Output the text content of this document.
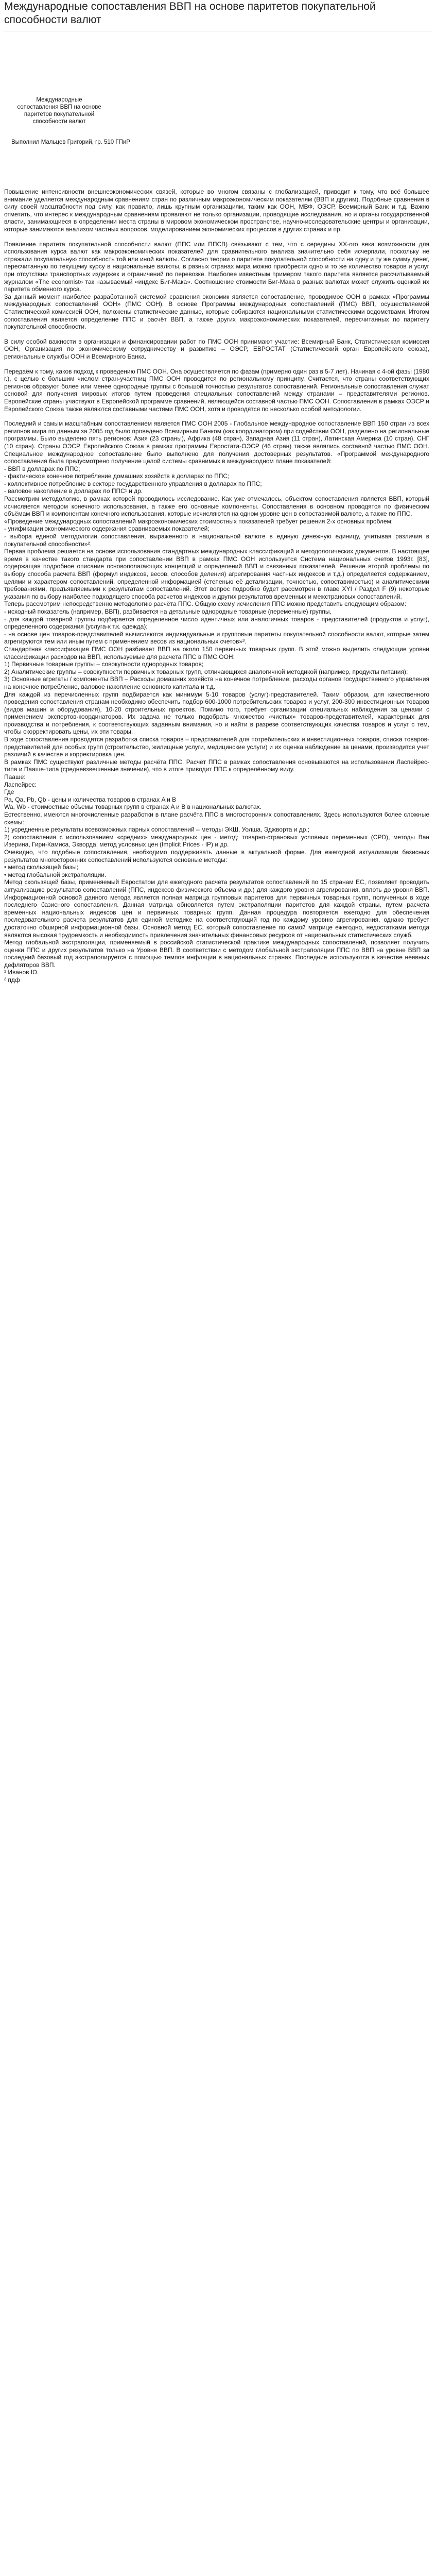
Международные сопоставления ВВП на основе паритетов покупательной способности валют

Международные сопоставления ВВП на основе паритетов покупательной способности валют

Выполнил Мальцев Григорий, гр. 510 ГПиР

Повышение интенсивности внешнеэкономических связей, которые во многом связаны с глобализацией, приводит к тому, что всё большее внимание уделяется международным сравнениям стран по различным макроэкономическим показателям (ВВП и другим). Подобные сравнения в силу своей масштабности под силу, как правило, лишь крупным организациям, таким как ООН, МВФ, ОЭСР, Всемирный Банк и т.д. Важно отметить, что интерес к международным сравнениям проявляют не только организации, проводящие исследования, но и органы государственной власти, занимающиеся в определении места страны в мировом экономическом пространстве, научно-исследовательские центры и организации, которые занимаются анализом частных вопросов, моделированием экономических процессов в других странах и пр.

Появление паритета покупательной способности валют (ППС или ППСВ) связывают с тем, что с середины XX-ого века возможности для использования курса валют как макроэкономических показателей для сравнительного анализа значительно себя исчерпали, поскольку не отражали покупательную способность той или иной валюты. Согласно теории о паритете покупательной способности на одну и ту же сумму денег, пересчитанную по текущему курсу в национальные валюты, в разных странах мира можно приобрести одно и то же количество товаров и услуг при отсутствии транспортных издержек и ограничений по перевозке. Наиболее известным примером такого паритета является рассчитываемый журналом «The economist» так называемый «индекс Биг-Мака». Соотношение стоимости Биг-Мака в разных валютах может служить оценкой их паритета обменного курса.

За данный момент наиболее разработанной системой сравнения экономик является сопоставление, проводимое ООН в рамках «Программы международных сопоставлений ООН» (ПМС ООН). В основе Программы международных сопоставлений (ПМС) ВВП, осуществляемой Статистической комиссией ООН, положены статистические данные, которые собираются национальными статистическими ведомствами. Итогом сопоставления является определение ППС и расчёт ВВП, а также других макроэкономических показателей, пересчитанных по паритету покупательной способности.

В силу особой важности в организации и финансировании работ по ПМС ООН принимают участие: Всемирный Банк, Статистическая комиссия ООН, Организация по экономическому сотрудничеству и развитию – ОЭСР, ЕВРОСТАТ (Статистический орган Европейского союза), региональные службы ООН и Всемирного Банка.

Передаём к тому, каков подход к проведению ПМС ООН. Она осуществляется по фазам (примерно один раз в 5-7 лет). Начиная с 4-ой фазы (1980 г.), с целью с большим числом стран-участниц ПМС ООН проводится по региональному принципу. Считается, что страны соответствующих регионов образуют более или менее однородные группы с большой точностью результатов сопоставлений. Региональные сопоставления служат основой для получения мировых итогов путем проведения специальных сопоставлений между странами – представителями регионов. Европейские страны участвуют в Европейской программе сравнений, являющейся составной частью ПМС ООН. Сопоставления в рамках ОЭСР и Европейского Союза также являются составными частями ПМС ООН, хотя и проводятся по несколько особой методологии.

Последний и самым масштабным сопоставлением является ПМС ООН 2005 - Глобальное международное сопоставление ВВП 150 стран из всех регионов мира по данным за 2005 год было проведено Всемирным Банком (как координатором) при содействии ООН, разделено на региональные программы. Было выделено пять регионов: Азия (23 страны), Африка (48 стран), Западная Азия (11 стран), Латинская Америка (10 стран), СНГ (10 стран). Страны ОЭСР, Европейского Союза в рамках программы Евростата-ОЭСР (46 стран) также являлись составной частью ПМС ООН. Специальное международное сопоставление было выполнено для получения достоверных результатов. «Программой международного сопоставления была предусмотрено получение целой системы сравнимых в международном плане показателей:

- ВВП в долларах по ППС;

- фактическое конечное потребление домашних хозяйств в долларах по ППС;

- коллективное потребление в секторе государственного управления в долларах по ППС;

- валовое накопление в долларах по ППС¹ и др.

Рассмотрим методологию, в рамках которой проводилось исследование. Как уже отмечалось, объектом сопоставления является ВВП, который исчисляется методом конечного использования, а также его основные компоненты. Сопоставления в основном проводятся по физическим объёмам ВВП и компонентам конечного использования, которые исчисляются на одном уровне цен в сопоставимой валюте, а также по ППС.

«Проведение международных сопоставлений макроэкономических стоимостных показателей требует решения 2-х основных проблем:

- унификации экономического содержания сравниваемых показателей;

- выбора единой методологии сопоставления, выраженного в национальной валюте в единую денежную единицу, учитывая различия в покупательной способности»².

Первая проблема решается на основе использования стандартных международных классификаций и методологических документов. В настоящее время в качестве такого стандарта при сопоставлении ВВП в рамках ПМС ООН используется Система национальных счетов 1993г. [83], содержащая подробное описание основополагающих концепций и определений ВВП и связанных показателей. Решение второй проблемы по выбору способа расчета ВВП (формул индексов, весов, способов деления) агрегирования частных индексов и т.д.) определяется содержанием, целями и характером сопоставлений, определенной информацией (степенью её детализации, точностью, сопоставимостью) и аналитическими требованиями, предъявляемыми к результатам сопоставлений. Этот вопрос подробно будет рассмотрен в главе XYI / Раздел F (9) некоторые указания по выбору наиболее подходящего способа расчетов индексов и других результатов временных и межстрановых сопоставлений.

Теперь рассмотрим непосредственно методологию расчёта ППС. Общую схему исчисления ППС можно представить следующим образом:

- исходный показатель (например, ВВП), разбивается на детальные однородные товарные (переменные) группы,

- для каждой товарной группы подбирается определенное число идентичных или аналогичных товаров - представителей (продуктов и услуг), определенного содержания (услуга-к т.к. одежда);

- на основе цен товаров-представителей вычисляются индивидуальные и групповые паритеты покупательной способности валют, которые затем агрегируются тем или иным путем с применением весов из национальных счетов»³.

Стандартная классификация ПМС ООН разбивает ВВП на около 150 первичных товарных групп. В этой можно выделить следующие уровни классификации расходов на ВВП, используемые для расчета ППС в ПМС ООН:

1) Первичные товарные группы – совокупности однородных товаров;

2) Аналитические группы – совокупности первичных товарных групп, отличающихся аналогичной методикой (например, продукты питания);

3) Основные агрегаты / компоненты ВВП – Расходы домашних хозяйств на конечное потребление, расходы органов государственного управления на конечное потребление, валовое накопление основного капитала и т.д.

Для каждой из перечисленных групп подбирается как минимум 5-10 товаров (услуг)-представителей. Таким образом, для качественного проведения сопоставления странам необходимо обеспечить подбор 600-1000 потребительских товаров и услуг, 200-300 инвестиционных товаров (видов машин и оборудования), 10-20 строительных проектов. Помимо того, требует организации специальных наблюдения за ценами с применением экспертов-координаторов. Их задача не только подобрать множество «чистых» товаров-представителей, характерных для производства и потребления, к соответствующих заданным внимания, но и найти в разрезе соответствующих качества товаров и услуг с тем, чтобы скорректировать цены, их эти товары.

В ходе сопоставления проводятся разработка списка товаров – представителей для потребительских и инвестиционных товаров, списка товаров-представителей для особых групп (строительство, жилищные услуги, медицинские услуги) и их оценка наблюдение за ценами, производится учет различий в качестве и корректировка цен.

В рамках ПМС существуют различные методы расчёта ППС. Расчёт ППС в рамках сопоставления основываются на использовании Ласпейрес-типа и Пааше-типа (средневзвешенные значения), что в итоге приводит ППС к определённому виду.

Пааше:

Ласпейрес:

Где

Pa, Qa, Pb, Qb - цены и количества товаров в странах A и B

Wa, Wb - стоимостные объемы товарных групп в странах A и B в национальных валютах.

Естественно, имеются многочисленные разработки в плане расчёта ППС в многосторонних сопоставлениях. Здесь используются более сложные схемы:

1) усредненные результаты всевозможных парных сопоставлений – методы ЭКШ, Уолша, Эджворта и др.;

2) сопоставления с использованием «средних» международных цен - метод: товарно-страновых условных переменных (CPD), методы Ван Изерина, Гири-Камиса, Экворда, метод условных цен (Implicit Prices - IP) и др.

Очевидно, что подобные сопоставления, необходимо поддерживать данные в актуальной форме. Для ежегодной актуализации базисных результатов многосторонних сопоставлений используются основные методы:

• метод скользящей базы;

• метод глобальной экстраполяции.

Метод скользящей базы, применяемый Евростатом для ежегодного расчета результатов сопоставлений по 15 странам ЕС, позволяет проводить актуализацию результатов сопоставлений (ППС, индексов физического объема и др.) для каждого уровня агрегирования, вплоть до уровня ВВП. Информационной основой данного метода является полная матрица групповых паритетов для первичных товарных групп, полученных в ходе последнего базисного сопоставления. Данная матрица обновляется путем экстраполяции паритетов для каждой страны, путем расчета временных национальных индексов цен и первичных товарных групп. Данная процедура повторяется ежегодно для обеспечения последовательного расчета результатов для единой методике на соответствующий год по каждому уровню агрегирования, однако требует достаточно обширной информационной базы. Основной метод ЕС, который сопоставление по самой матрице ежегодно, недостатками метода являются высокая трудоемкость и необходимость привлечения значительных финансовых ресурсов от национальных статистических служб.

Метод глобальной экстраполяции, применяемый в российской статистической практике международных сопоставлений, позволяет получить оценки ППС и других результатов только на Уровне ВВП. В соответствии с методом глобальной экстраполяции ППС по ВВП на уровне ВВП за последний базовый год экстраполируется с помощью темпов инфляции в национальных странах. Последние используются в качестве неявных дефляторов ВВП.

¹ Иванов Ю.

² пдф
